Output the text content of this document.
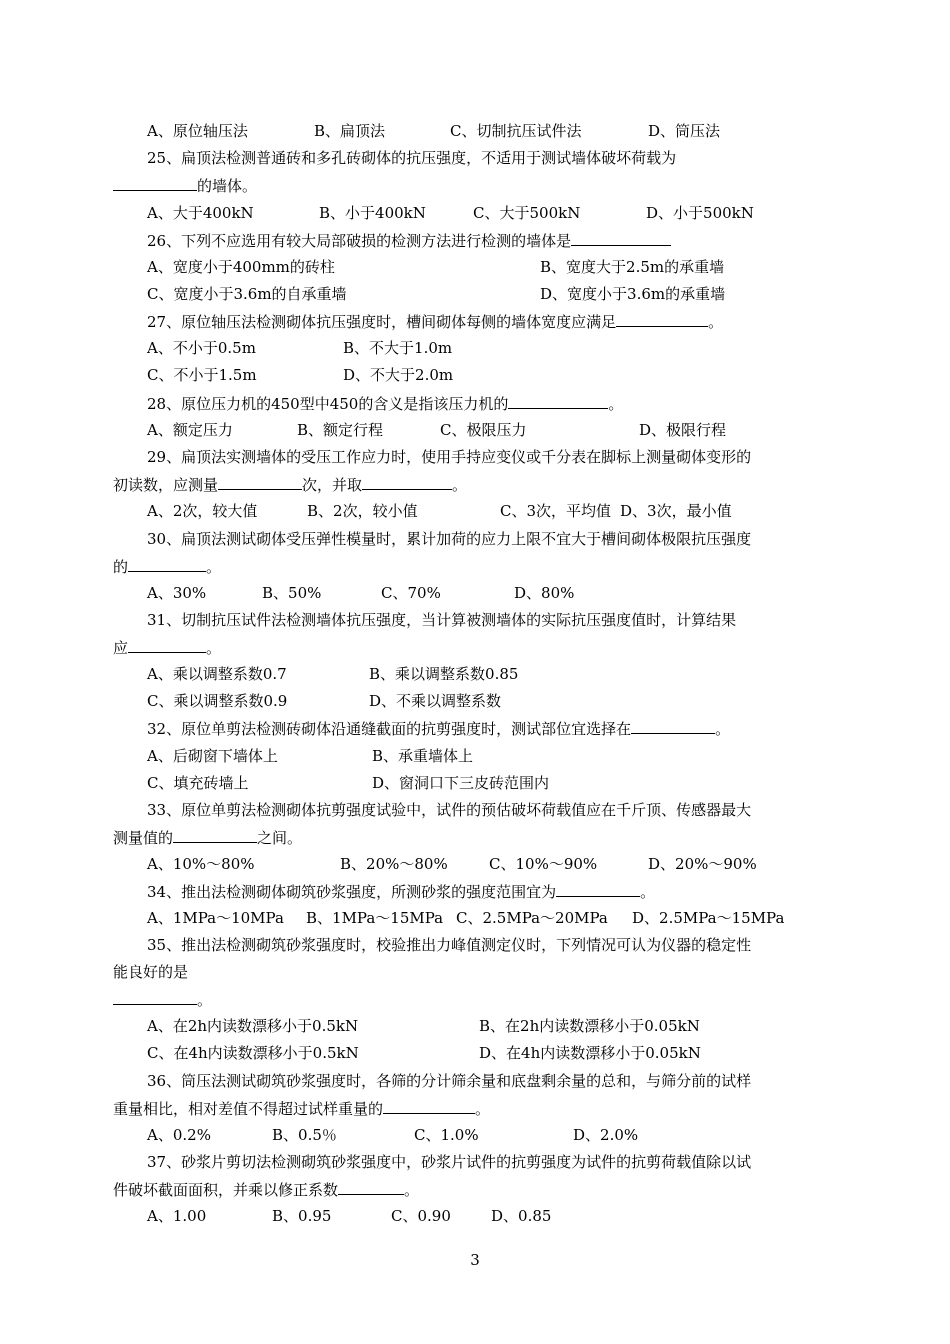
A、原位轴压法	B、扁顶法	C、切制抗压试件法	D、筒压法
25、扁顶法检测普通砖和多孔砖砌体的抗压强度，不适用于测试墙体破坏荷载为
的墙体。
A、大于400kN	B、小于400kN	C、大于500kN	D、小于500kN
26、下列不应选用有较大局部破损的检测方法进行检测的墙体是
A、宽度小于400mm的砖柱	B、宽度大于2.5m的承重墙
C、宽度小于3.6m的自承重墙	D、宽度小于3.6m的承重墙
27、原位轴压法检测砌体抗压强度时，槽间砌体每侧的墙体宽度应满足	。
A、不小于0.5m	B、不大于1.0m
C、不小于1.5m	D、不大于2.0m
28、原位压力机的450型中450的含义是指该压力机的	。
A、额定压力	B、额定行程	C、极限压力	D、极限行程
29、扁顶法实测墙体的受压工作应力时，使用手持应变仪或千分表在脚标上测量砌体变形的
初读数，应测量	次，并取	。
A、2次，较大值	B、2次，较小值	C、3次，平均值 D、3次，最小值
30、扁顶法测试砌体受压弹性模量时，累计加荷的应力上限不宜大于槽间砌体极限抗压强度
的	。
A、30%	B、50%	C、70%	D、80%
31、切制抗压试件法检测墙体抗压强度，当计算被测墙体的实际抗压强度值时，计算结果
应	。
A、乘以调整系数0.7	B、乘以调整系数0.85
C、乘以调整系数0.9	D、不乘以调整系数
32、原位单剪法检测砖砌体沿通缝截面的抗剪强度时，测试部位宜选择在	。
A、后砌窗下墙体上	B、承重墙体上
C、填充砖墙上	D、窗洞口下三皮砖范围内
33、原位单剪法检测砌体抗剪强度试验中，试件的预估破坏荷载值应在千斤顶、传感器最大
测量值的	之间。
A、10%～80%	B、20%～80%	C、10%～90%	D、20%～90%
34、推出法检测砌体砌筑砂浆强度，所测砂浆的强度范围宜为	。
A、1MPa～10MPa B、1MPa～15MPa C、2.5MPa～20MPa D、2.5MPa～15MPa
35、推出法检测砌筑砂浆强度时，校验推出力峰值测定仪时，下列情况可认为仪器的稳定性
能良好的是
。
A、在2h内读数漂移小于0.5kN	B、在2h内读数漂移小于0.05kN
C、在4h内读数漂移小于0.5kN	D、在4h内读数漂移小于0.05kN
36、筒压法测试砌筑砂浆强度时，各筛的分计筛余量和底盘剩余量的总和，与筛分前的试样
重量相比，相对差值不得超过试样重量的	。
A、0.2%	B、0.5％	C、1.0%	D、2.0%
37、砂浆片剪切法检测砌筑砂浆强度中，砂浆片试件的抗剪强度为试件的抗剪荷载值除以试
件破坏截面面积，并乘以修正系数	。
A、1.00	B、0.95	C、0.90	D、0.85
3
